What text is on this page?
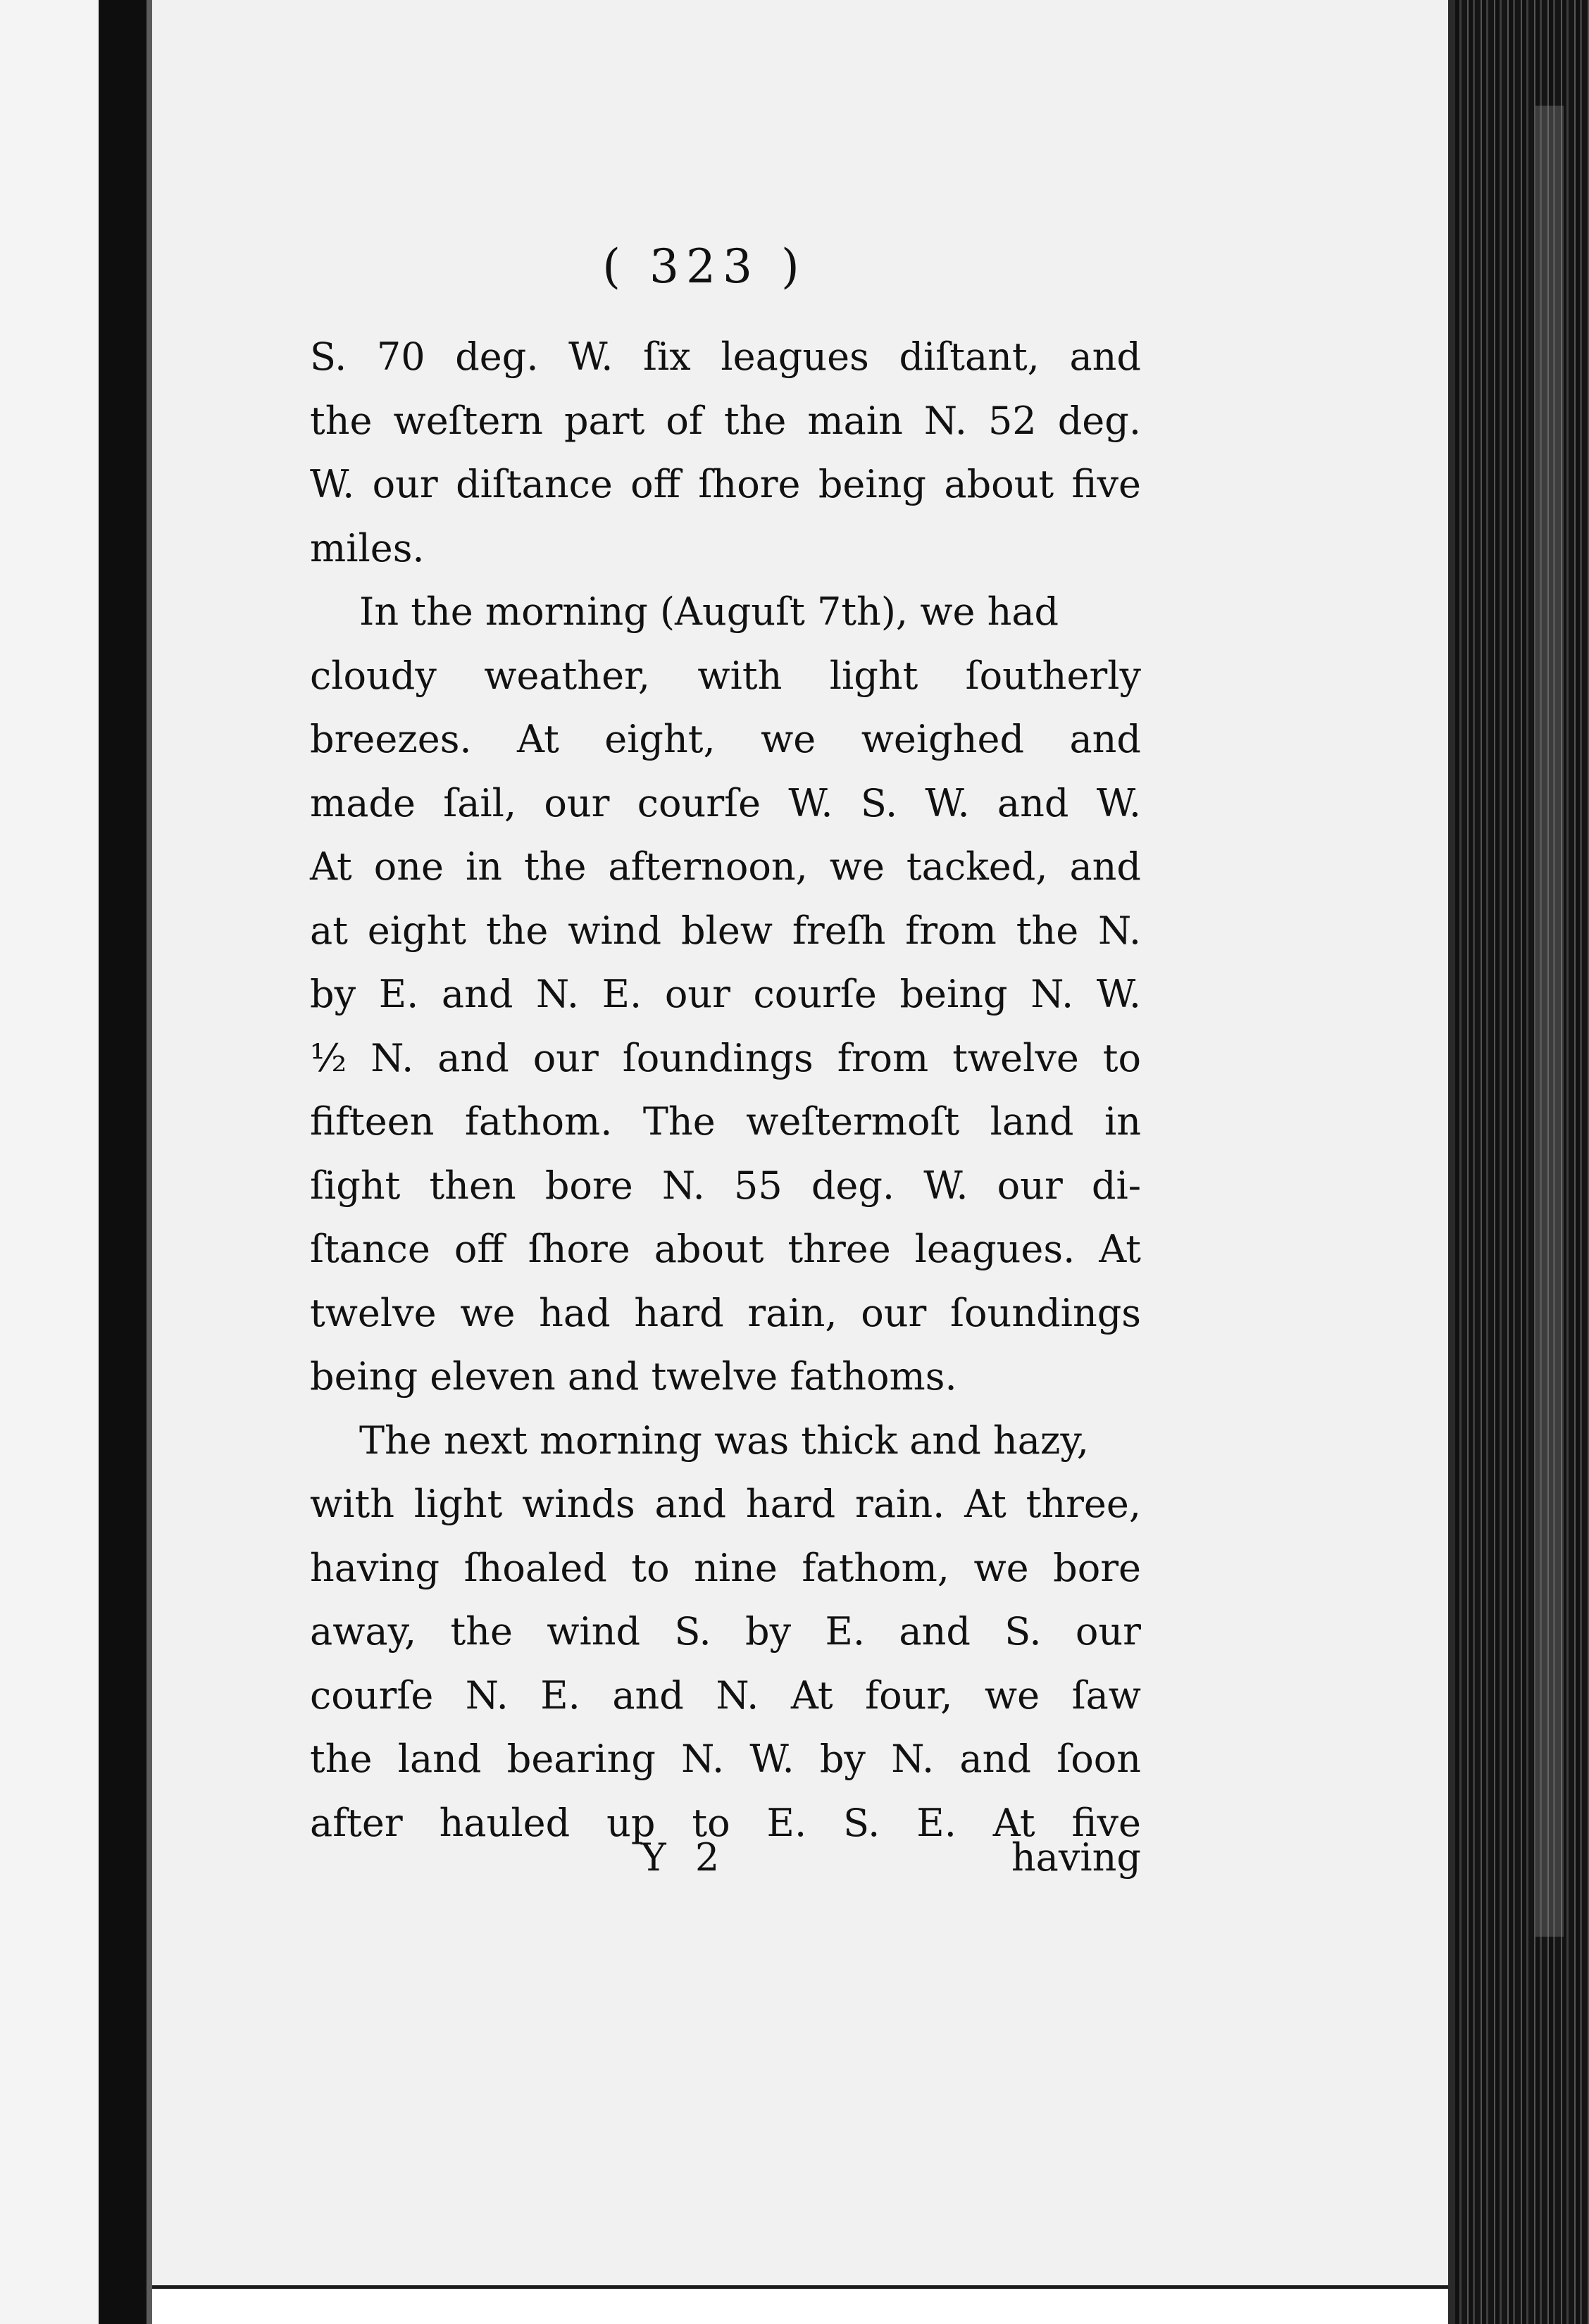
( 323 )
S. 70 deg. W. ſix leagues diſtant, and
the weſtern part of the main N. 52 deg.
W. our diſtance off ſhore being about five
miles.
In the morning (Auguſt 7th), we had
cloudy weather, with light ſoutherly
breezes. At eight, we weighed and
made ſail, our courſe W. S. W. and W.
At one in the afternoon, we tacked, and
at eight the wind blew freſh from the N.
by E. and N. E. our courſe being N. W.
½ N. and our ſoundings from twelve to
fifteen fathom. The weſtermoſt land in
ſight then bore N. 55 deg. W. our di-
ſtance off ſhore about three leagues. At
twelve we had hard rain, our ſoundings
being eleven and twelve fathoms.
The next morning was thick and hazy,
with light winds and hard rain. At three,
having ſhoaled to nine fathom, we bore
away, the wind S. by E. and S. our
courſe N. E. and N. At four, we ſaw
the land bearing N. W. by N. and ſoon
after hauled up to E. S. E. At five
Y 2	having
